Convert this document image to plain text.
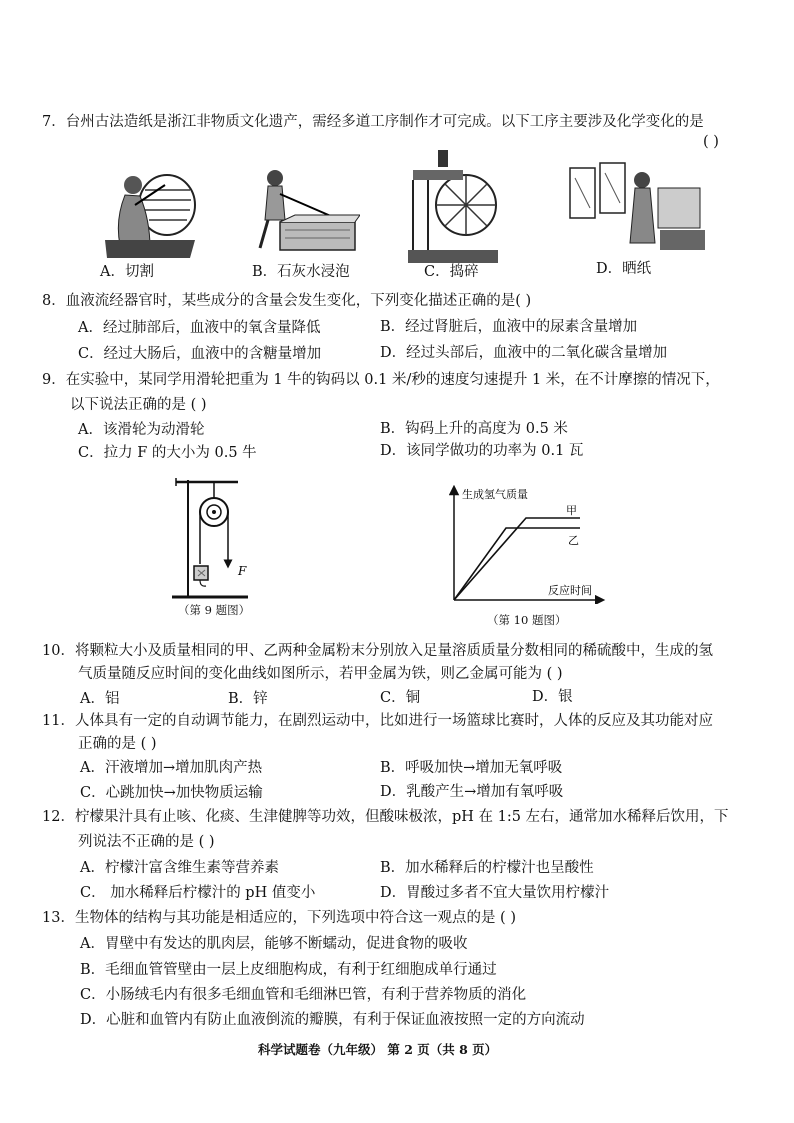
7．台州古法造纸是浙江非物质文化遗产，需经多道工序制作才可完成。以下工序主要涉及化学变化的是
( )
A．切割	B．石灰水浸泡	C．捣碎	D．晒纸
8．血液流经器官时，某些成分的含量会发生变化，下列变化描述正确的是( )
A．经过肺部后，血液中的氧含量降低	B．经过肾脏后，血液中的尿素含量增加
C．经过大肠后，血液中的含糖量增加	D．经过头部后，血液中的二氧化碳含量增加
9．在实验中，某同学用滑轮把重为 1 牛的钩码以 0.1 米/秒的速度匀速提升 1 米，在不计摩擦的情况下，
以下说法正确的是 ( )
A．该滑轮为动滑轮	B．钩码上升的高度为 0.5 米
C．拉力 F 的大小为 0.5 牛	D．该同学做功的功率为 0.1 瓦
F
（第 9 题图）
生成氢气质量
反应时间
甲
乙
（第 10 题图）
10．将颗粒大小及质量相同的甲、乙两种金属粉末分别放入足量溶质质量分数相同的稀硫酸中，生成的氢
气质量随反应时间的变化曲线如图所示，若甲金属为铁，则乙金属可能为 ( )
A．铝	B．锌	C．铜	D．银
11．人体具有一定的自动调节能力，在剧烈运动中，比如进行一场篮球比赛时，人体的反应及其功能对应
正确的是 ( )
A．汗液增加→增加肌肉产热	B．呼吸加快→增加无氧呼吸
C．心跳加快→加快物质运输	D．乳酸产生→增加有氧呼吸
12．柠檬果汁具有止咳、化痰、生津健脾等功效，但酸味极浓，pH 在 1:5 左右，通常加水稀释后饮用，下
列说法不正确的是 ( )
A．柠檬汁富含维生素等营养素	B．加水稀释后的柠檬汁也呈酸性
C． 加水稀释后柠檬汁的 pH 值变小	D．胃酸过多者不宜大量饮用柠檬汁
13．生物体的结构与其功能是相适应的，下列选项中符合这一观点的是 ( )
A．胃壁中有发达的肌肉层，能够不断蠕动，促进食物的吸收
B．毛细血管管壁由一层上皮细胞构成，有利于红细胞成单行通过
C．小肠绒毛内有很多毛细血管和毛细淋巴管，有利于营养物质的消化
D．心脏和血管内有防止血液倒流的瓣膜，有利于保证血液按照一定的方向流动
科学试题卷（九年级） 第 2 页（共 8 页）
